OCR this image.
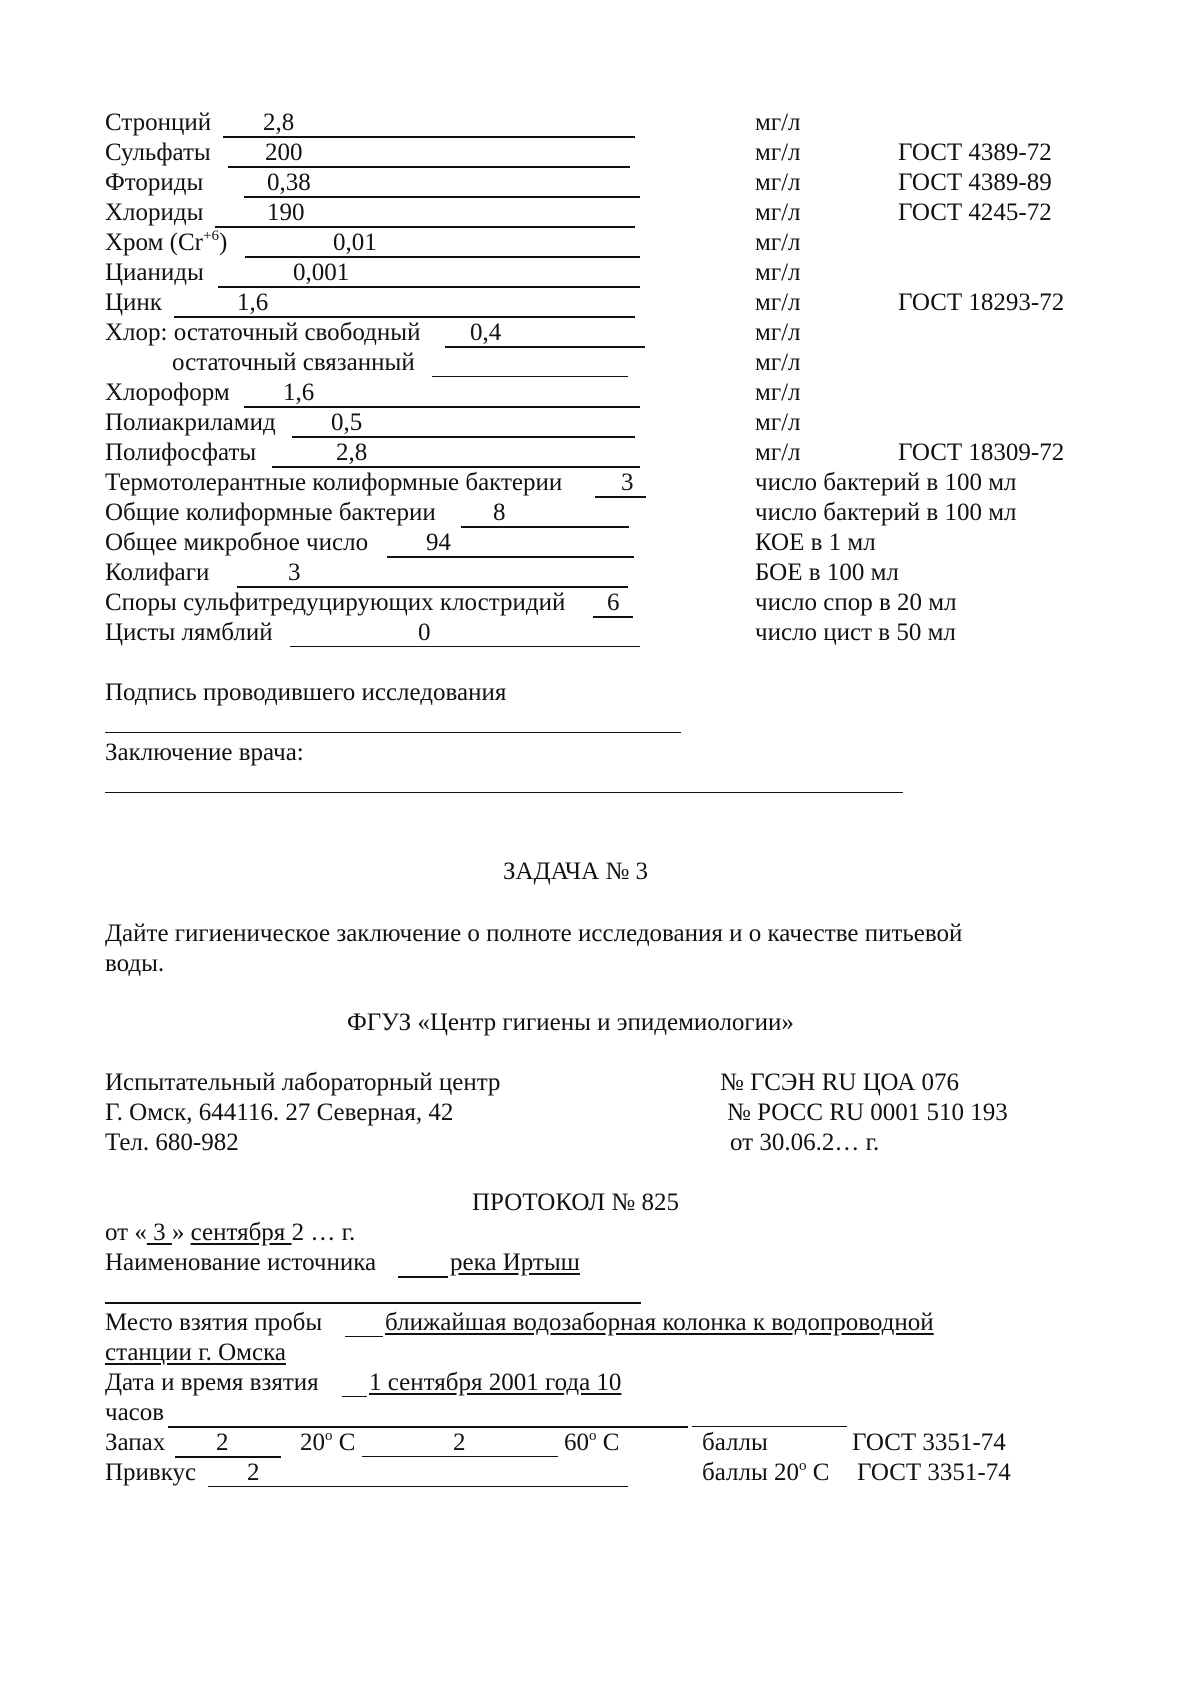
Стронций 2,8	мг/л
Сульфаты 200	мг/л	ГОСТ 4389-72
Фториды	0,38	мг/л	ГОСТ 4389-89
Хлориды	190	мг/л	ГОСТ 4245-72
Хром $(Cr^{+6})$	0,01	мг/л
Цианиды	0,001	мг/л
Цинк	1,6	мг/л	ГОСТ 18293-72
Хлор: остаточный свободный 0,4	мг/л
остаточный связанный	мг/л
Хлороформ 1,6	мг/л
Полиакриламид 0,5	мг/л
Полифосфаты	2,8	мг/л	ГОСТ 18309-72
Термотолерантные колиформные бактерии 3	число бактерий в 100 мл
Общие колиформные бактерии 8	число бактерий в 100 мл
Общее микробное число 94	КОЕ в 1 мл
Колифаги	3	БОЕ в 100 мл
Споры сульфитредуцирующих клостридий 6	число спор в 20 мл
Цисты лямблий	0	число цист в 50 мл
Подпись проводившего исследования
Заключение врача:
ЗАДАЧА № 3
Дайте гигиеническое заключение о полноте исследования и о качестве питьевой
воды.
ФГУЗ «Центр гигиены и эпидемиологии»
Испытательный лабораторный центр
Г. Омск, 644116. 27 Северная, 42
Тел. 680-982
№ ГСЭН RU ЦОА 076
№ РОСС RU 0001 510 193
от 30.06.2… г.
ПРОТОКОЛ № 825
от « 3 » сентября 2 … г.
Наименование источника	река Иртыш
Место взятия пробы	ближайшая водозаборная колонка к водопроводной
станции г. Омска
Дата и время взятия 1 сентября 2001 года 10
часов
Запах 2	$20^о$ С	2	$60^о$ С	баллы	ГОСТ 3351-74
Привкус 2	баллы $20^о$ С ГОСТ 3351-74
